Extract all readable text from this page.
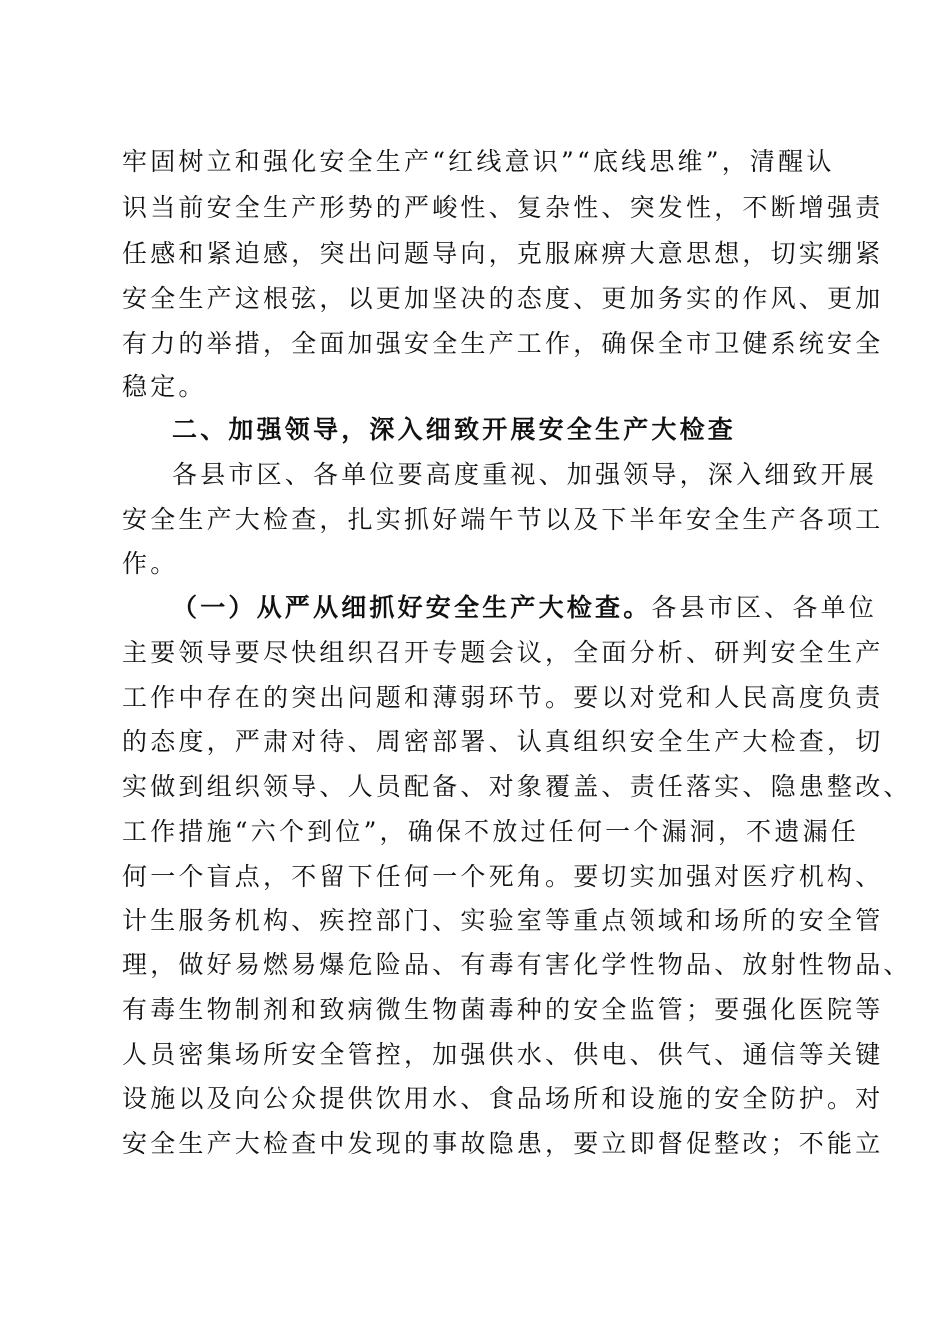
牢固树立和强化安全生产“红线意识”“底线思维”，清醒认
识当前安全生产形势的严峻性、复杂性、突发性，不断增强责
任感和紧迫感，突出问题导向，克服麻痹大意思想，切实绷紧
安全生产这根弦，以更加坚决的态度、更加务实的作风、更加
有力的举措，全面加强安全生产工作，确保全市卫健系统安全
稳定。
二、加强领导，深入细致开展安全生产大检查
各县市区、各单位要高度重视、加强领导，深入细致开展
安全生产大检查，扎实抓好端午节以及下半年安全生产各项工
作。
（一）从严从细抓好安全生产大检查。各县市区、各单位
主要领导要尽快组织召开专题会议，全面分析、研判安全生产
工作中存在的突出问题和薄弱环节。要以对党和人民高度负责
的态度，严肃对待、周密部署、认真组织安全生产大检查，切
实做到组织领导、人员配备、对象覆盖、责任落实、隐患整改、
工作措施“六个到位”，确保不放过任何一个漏洞，不遗漏任
何一个盲点，不留下任何一个死角。要切实加强对医疗机构、
计生服务机构、疾控部门、实验室等重点领域和场所的安全管
理，做好易燃易爆危险品、有毒有害化学性物品、放射性物品、
有毒生物制剂和致病微生物菌毒种的安全监管；要强化医院等
人员密集场所安全管控，加强供水、供电、供气、通信等关键
设施以及向公众提供饮用水、食品场所和设施的安全防护。对
安全生产大检查中发现的事故隐患，要立即督促整改；不能立
